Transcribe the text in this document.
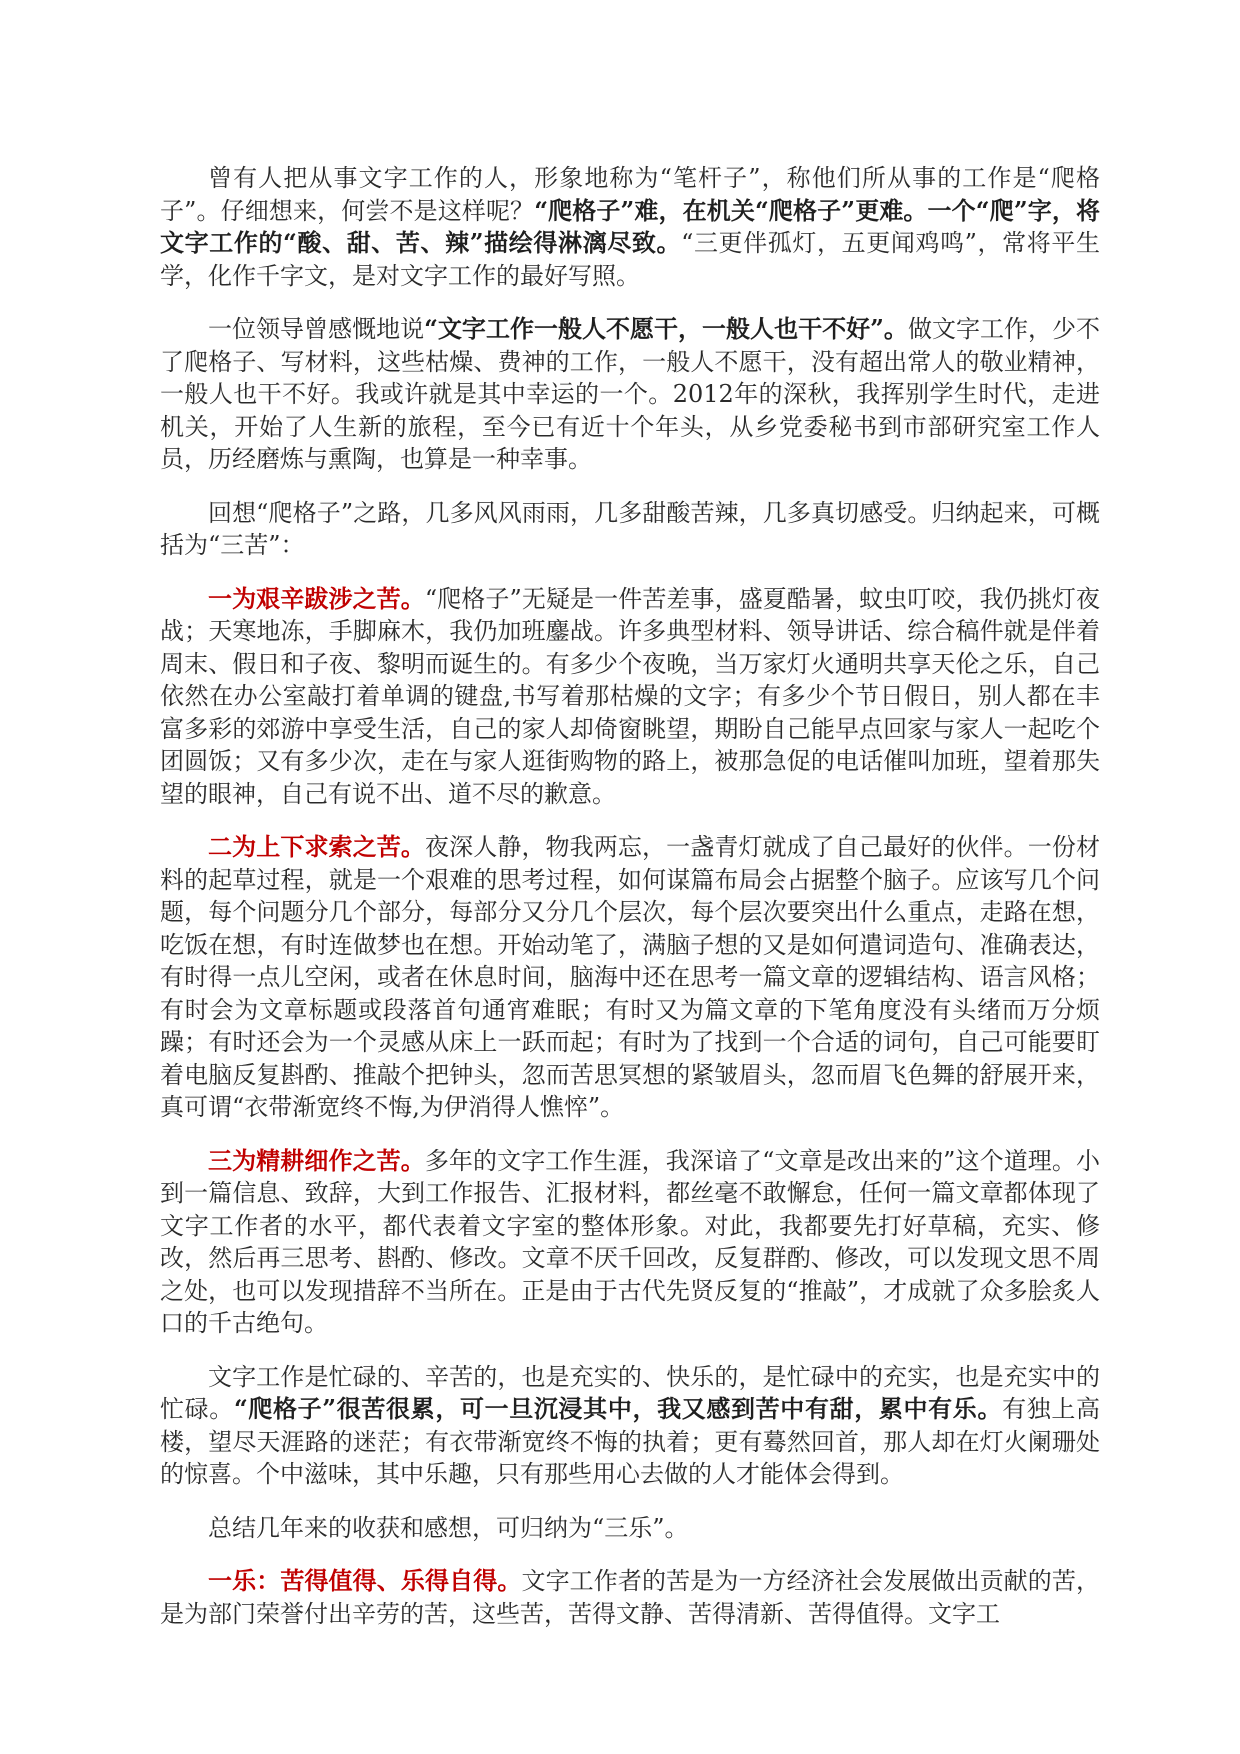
曾有人把从事文字工作的人，形象地称为“笔杆子”，称他们所从事的工作是“爬格子”。仔细想来，何尝不是这样呢？“爬格子”难，在机关“爬格子”更难。一个“爬”字，将文字工作的“酸、甜、苦、辣”描绘得淋漓尽致。“三更伴孤灯，五更闻鸡鸣”，常将平生学，化作千字文，是对文字工作的最好写照。

一位领导曾感慨地说“文字工作一般人不愿干，一般人也干不好”。做文字工作，少不了爬格子、写材料，这些枯燥、费神的工作，一般人不愿干，没有超出常人的敬业精神，一般人也干不好。我或许就是其中幸运的一个。2012年的深秋，我挥别学生时代，走进机关，开始了人生新的旅程，至今已有近十个年头，从乡党委秘书到市部研究室工作人员，历经磨炼与熏陶，也算是一种幸事。

回想“爬格子”之路，几多风风雨雨，几多甜酸苦辣，几多真切感受。归纳起来，可概括为“三苦”：

一为艰辛跋涉之苦。“爬格子”无疑是一件苦差事，盛夏酷暑，蚊虫叮咬，我仍挑灯夜战；天寒地冻，手脚麻木，我仍加班鏖战。许多典型材料、领导讲话、综合稿件就是伴着周末、假日和子夜、黎明而诞生的。有多少个夜晚，当万家灯火通明共享天伦之乐，自己依然在办公室敲打着单调的键盘,书写着那枯燥的文字；有多少个节日假日，别人都在丰富多彩的郊游中享受生活，自己的家人却倚窗眺望，期盼自己能早点回家与家人一起吃个团圆饭；又有多少次，走在与家人逛街购物的路上，被那急促的电话催叫加班，望着那失望的眼神，自己有说不出、道不尽的歉意。

二为上下求索之苦。夜深人静，物我两忘，一盏青灯就成了自己最好的伙伴。一份材料的起草过程，就是一个艰难的思考过程，如何谋篇布局会占据整个脑子。应该写几个问题，每个问题分几个部分，每部分又分几个层次，每个层次要突出什么重点，走路在想，吃饭在想，有时连做梦也在想。开始动笔了，满脑子想的又是如何遣词造句、准确表达，有时得一点儿空闲，或者在休息时间，脑海中还在思考一篇文章的逻辑结构、语言风格；有时会为文章标题或段落首句通宵难眠；有时又为篇文章的下笔角度没有头绪而万分烦躁；有时还会为一个灵感从床上一跃而起；有时为了找到一个合适的词句，自己可能要盯着电脑反复斟酌、推敲个把钟头，忽而苦思冥想的紧皱眉头，忽而眉飞色舞的舒展开来，真可谓“衣带渐宽终不悔,为伊消得人憔悴”。

三为精耕细作之苦。多年的文字工作生涯，我深谙了“文章是改出来的”这个道理。小到一篇信息、致辞，大到工作报告、汇报材料，都丝毫不敢懈怠，任何一篇文章都体现了文字工作者的水平，都代表着文字室的整体形象。对此，我都要先打好草稿，充实、修改，然后再三思考、斟酌、修改。文章不厌千回改，反复群酌、修改，可以发现文思不周之处，也可以发现措辞不当所在。正是由于古代先贤反复的“推敲”，才成就了众多脍炙人口的千古绝句。

文字工作是忙碌的、辛苦的，也是充实的、快乐的，是忙碌中的充实，也是充实中的忙碌。“爬格子”很苦很累，可一旦沉浸其中，我又感到苦中有甜，累中有乐。有独上高楼，望尽天涯路的迷茫；有衣带渐宽终不悔的执着；更有蓦然回首，那人却在灯火阑珊处的惊喜。个中滋味，其中乐趣，只有那些用心去做的人才能体会得到。

总结几年来的收获和感想，可归纳为“三乐”。

一乐：苦得值得、乐得自得。文字工作者的苦是为一方经济社会发展做出贡献的苦，是为部门荣誉付出辛劳的苦，这些苦，苦得文静、苦得清新、苦得值得。文字工
